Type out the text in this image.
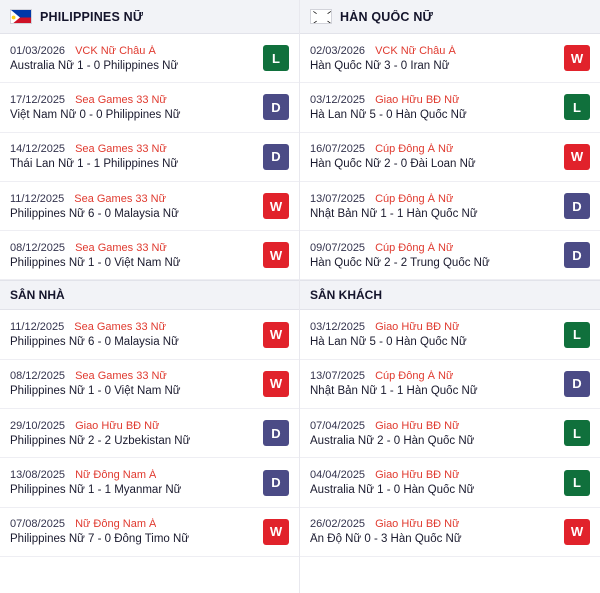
PHILIPPINES NỮ
01/03/2026 VCK Nữ Châu Á
Australia Nữ 1 - 0 Philippines Nữ	L
17/12/2025 Sea Games 33 Nữ
Việt Nam Nữ 0 - 0 Philippines Nữ	D
14/12/2025 Sea Games 33 Nữ
Thái Lan Nữ 1 - 1 Philippines Nữ	D
11/12/2025 Sea Games 33 Nữ
Philippines Nữ 6 - 0 Malaysia Nữ	W
08/12/2025 Sea Games 33 Nữ
Philippines Nữ 1 - 0 Việt Nam Nữ	W
SÂN NHÀ
11/12/2025 Sea Games 33 Nữ
Philippines Nữ 6 - 0 Malaysia Nữ	W
08/12/2025 Sea Games 33 Nữ
Philippines Nữ 1 - 0 Việt Nam Nữ	W
29/10/2025 Giao Hữu BĐ Nữ
Philippines Nữ 2 - 2 Uzbekistan Nữ	D
13/08/2025 Nữ Đông Nam Á
Philippines Nữ 1 - 1 Myanmar Nữ	D
07/08/2025 Nữ Đông Nam Á
Philippines Nữ 7 - 0 Đông Timo Nữ	W
HÀN QUỐC NỮ
02/03/2026 VCK Nữ Châu Á
Hàn Quốc Nữ 3 - 0 Iran Nữ	W
03/12/2025 Giao Hữu BĐ Nữ
Hà Lan Nữ 5 - 0 Hàn Quốc Nữ	L
16/07/2025 Cúp Đông Á Nữ
Hàn Quốc Nữ 2 - 0 Đài Loan Nữ	W
13/07/2025 Cúp Đông Á Nữ
Nhật Bản Nữ 1 - 1 Hàn Quốc Nữ	D
09/07/2025 Cúp Đông Á Nữ
Hàn Quốc Nữ 2 - 2 Trung Quốc Nữ	D
SÂN KHÁCH
03/12/2025 Giao Hữu BĐ Nữ
Hà Lan Nữ 5 - 0 Hàn Quốc Nữ	L
13/07/2025 Cúp Đông Á Nữ
Nhật Bản Nữ 1 - 1 Hàn Quốc Nữ	D
07/04/2025 Giao Hữu BĐ Nữ
Australia Nữ 2 - 0 Hàn Quốc Nữ	L
04/04/2025 Giao Hữu BĐ Nữ
Australia Nữ 1 - 0 Hàn Quốc Nữ	L
26/02/2025 Giao Hữu BĐ Nữ
Ấn Độ Nữ 0 - 3 Hàn Quốc Nữ	W
